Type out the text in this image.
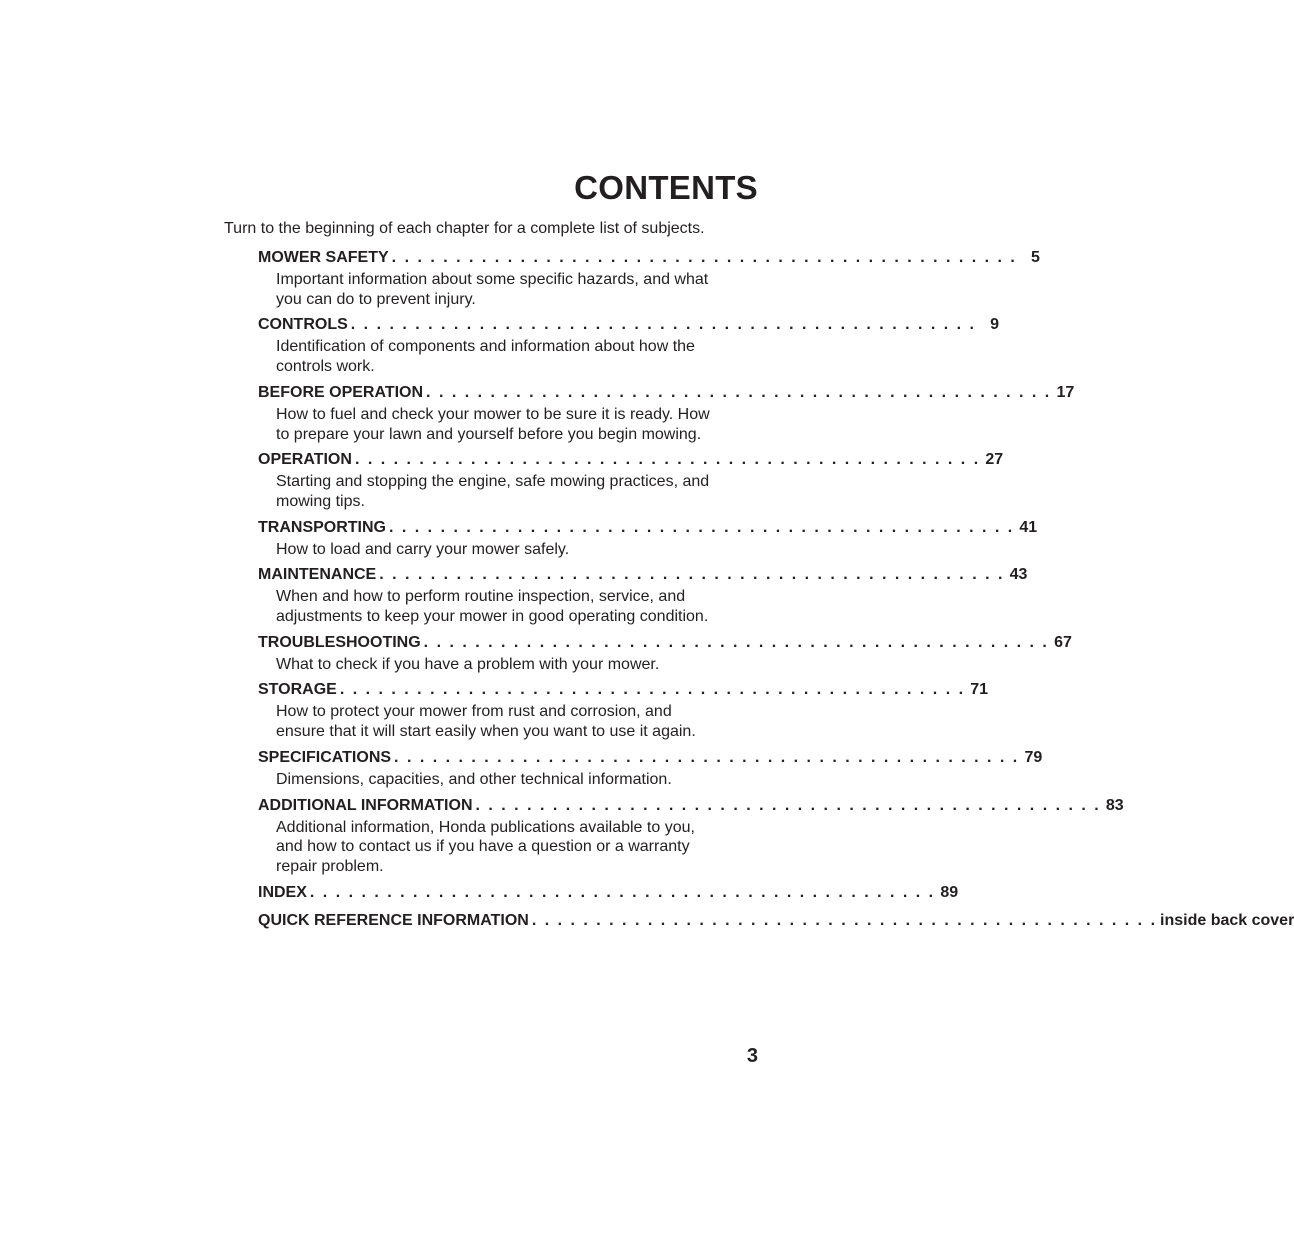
CONTENTS
Turn to the beginning of each chapter for a complete list of subjects.
MOWER SAFETY . . . . . . . . . . . . . . . . . . . . . . . . . . . . . . . . . . . . . . . . . . . . . . . . . 5
Important information about some specific hazards, and what you can do to prevent injury.
CONTROLS . . . . . . . . . . . . . . . . . . . . . . . . . . . . . . . . . . . . . . . . . . . . . . . . . 9
Identification of components and information about how the controls work.
BEFORE OPERATION . . . . . . . . . . . . . . . . . . . . . . . . . . . . . . . . . . . . . . . . . . . . . . . . . 17
How to fuel and check your mower to be sure it is ready. How to prepare your lawn and yourself before you begin mowing.
OPERATION . . . . . . . . . . . . . . . . . . . . . . . . . . . . . . . . . . . . . . . . . . . . . . . . . 27
Starting and stopping the engine, safe mowing practices, and mowing tips.
TRANSPORTING . . . . . . . . . . . . . . . . . . . . . . . . . . . . . . . . . . . . . . . . . . . . . . . . . 41
How to load and carry your mower safely.
MAINTENANCE . . . . . . . . . . . . . . . . . . . . . . . . . . . . . . . . . . . . . . . . . . . . . . . . . 43
When and how to perform routine inspection, service, and adjustments to keep your mower in good operating condition.
TROUBLESHOOTING . . . . . . . . . . . . . . . . . . . . . . . . . . . . . . . . . . . . . . . . . . . . . . . . . 67
What to check if you have a problem with your mower.
STORAGE . . . . . . . . . . . . . . . . . . . . . . . . . . . . . . . . . . . . . . . . . . . . . . . . . 71
How to protect your mower from rust and corrosion, and ensure that it will start easily when you want to use it again.
SPECIFICATIONS . . . . . . . . . . . . . . . . . . . . . . . . . . . . . . . . . . . . . . . . . . . . . . . . . 79
Dimensions, capacities, and other technical information.
ADDITIONAL INFORMATION . . . . . . . . . . . . . . . . . . . . . . . . . . . . . . . . . . . . . . . . . . . . . . . . . 83
Additional information, Honda publications available to you, and how to contact us if you have a question or a warranty repair problem.
INDEX . . . . . . . . . . . . . . . . . . . . . . . . . . . . . . . . . . . . . . . . . . . . . . . . . 89
QUICK REFERENCE INFORMATION . . . . . . . . . . . . . . . . . . . . . . . . . . . . . . . . . . . . . . . . . . . . . . . . . inside back cover
3
